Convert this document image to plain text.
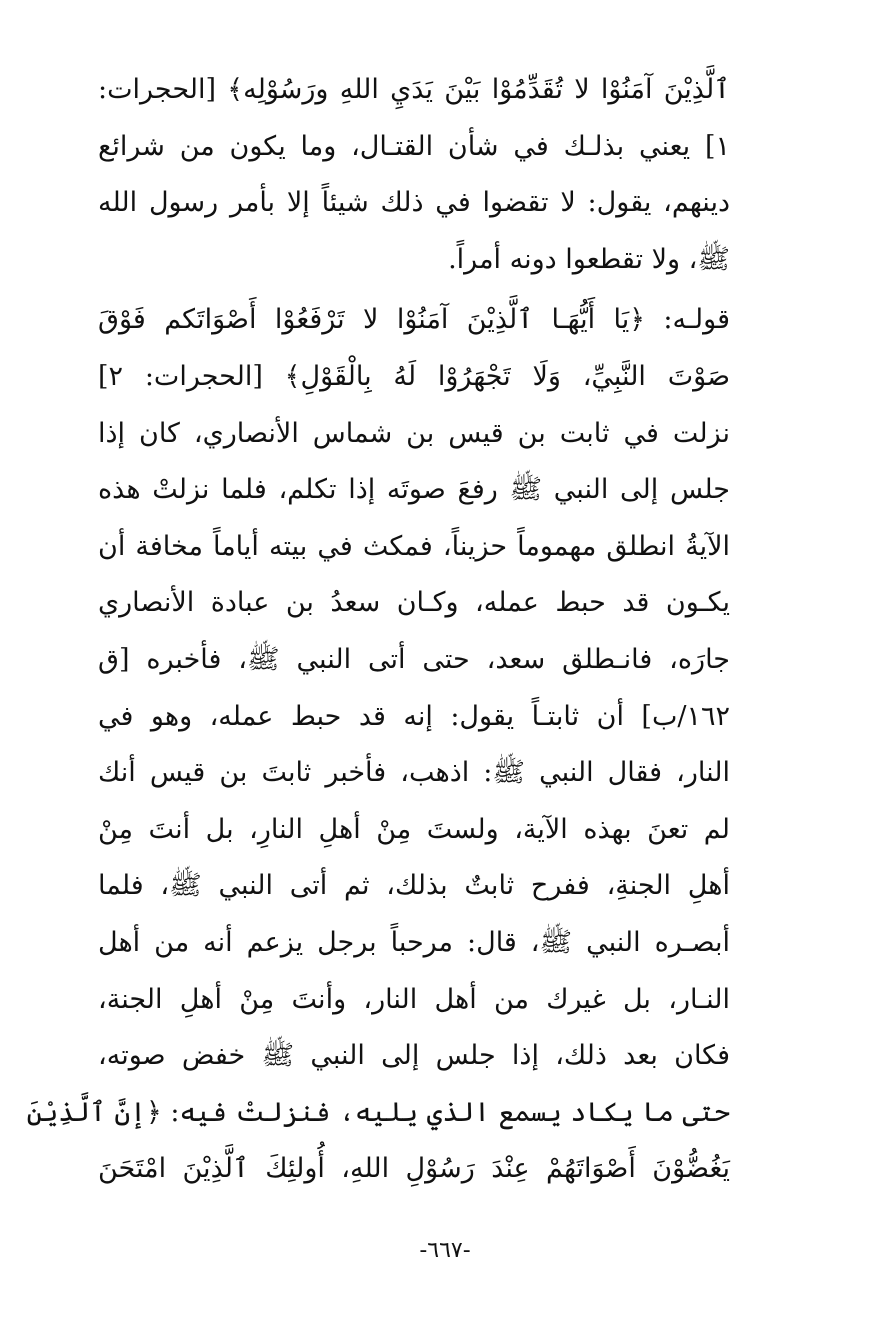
ٱلَّذِيْنَ آمَنُوْا لا تُقَدِّمُوْا بَيْنَ يَدَيِ اللهِ ورَسُوْلِه﴾ [الحجرات:
١] يعني بذلـك في شأن القتـال، وما يكون من شرائع
دينهم، يقول: لا تقضوا في ذلك شيئاً إلا بأمر رسول الله
ﷺ، ولا تقطعوا دونه أمراً.
قولـه: ﴿يَا أَيُّهَـا ٱلَّذِيْنَ آمَنُوْا لا تَرْفَعُوْا أَصْوَاتَكم فَوْقَ
صَوْتَ النَّبِيِّ، وَلَا تَجْهَرُوْا لَهُ بِالْقَوْلِ﴾ [الحجرات: ٢]
نزلت في ثابت بن قيس بن شماس الأنصاري، كان إذا
جلس إلى النبي ﷺ رفعَ صوتَه إذا تكلم، فلما نزلتْ هذه
الآيةُ انطلق مهموماً حزيناً، فمكث في بيته أياماً مخافة أن
يكـون قد حبط عمله، وكـان سعدُ بن عبادة الأنصاري
جارَه، فانـطلق سعد، حتى أتى النبي ﷺ، فأخبره [ق
١٦٢/ب] أن ثابتـاً يقول: إنه قد حبط عمله، وهو في
النار، فقال النبي ﷺ: اذهب، فأخبر ثابتَ بن قيس أنك
لم تعنَ بهذه الآية، ولستَ مِنْ أهلِ النارِ، بل أنتَ مِنْ
أهلِ الجنةِ، ففرح ثابتٌ بذلك، ثم أتى النبي ﷺ، فلما
أبصـره النبي ﷺ، قال: مرحباً برجل يزعم أنه من أهل
النـار، بل غيرك من أهل النار، وأنتَ مِنْ أهلِ الجنة،
فكان بعد ذلك، إذا جلس إلى النبي ﷺ خفض صوته،
حتى ما يكاد يسمع الذي يليه، فنزلتْ فيه: ﴿إنَّ ٱلَّذِيْنَ
يَغُضُّوْنَ أَصْوَاتَهُمْ عِنْدَ رَسُوْلِ اللهِ، أُولئِكَ ٱلَّذِيْنَ امْتَحَنَ
-٦٦٧-
